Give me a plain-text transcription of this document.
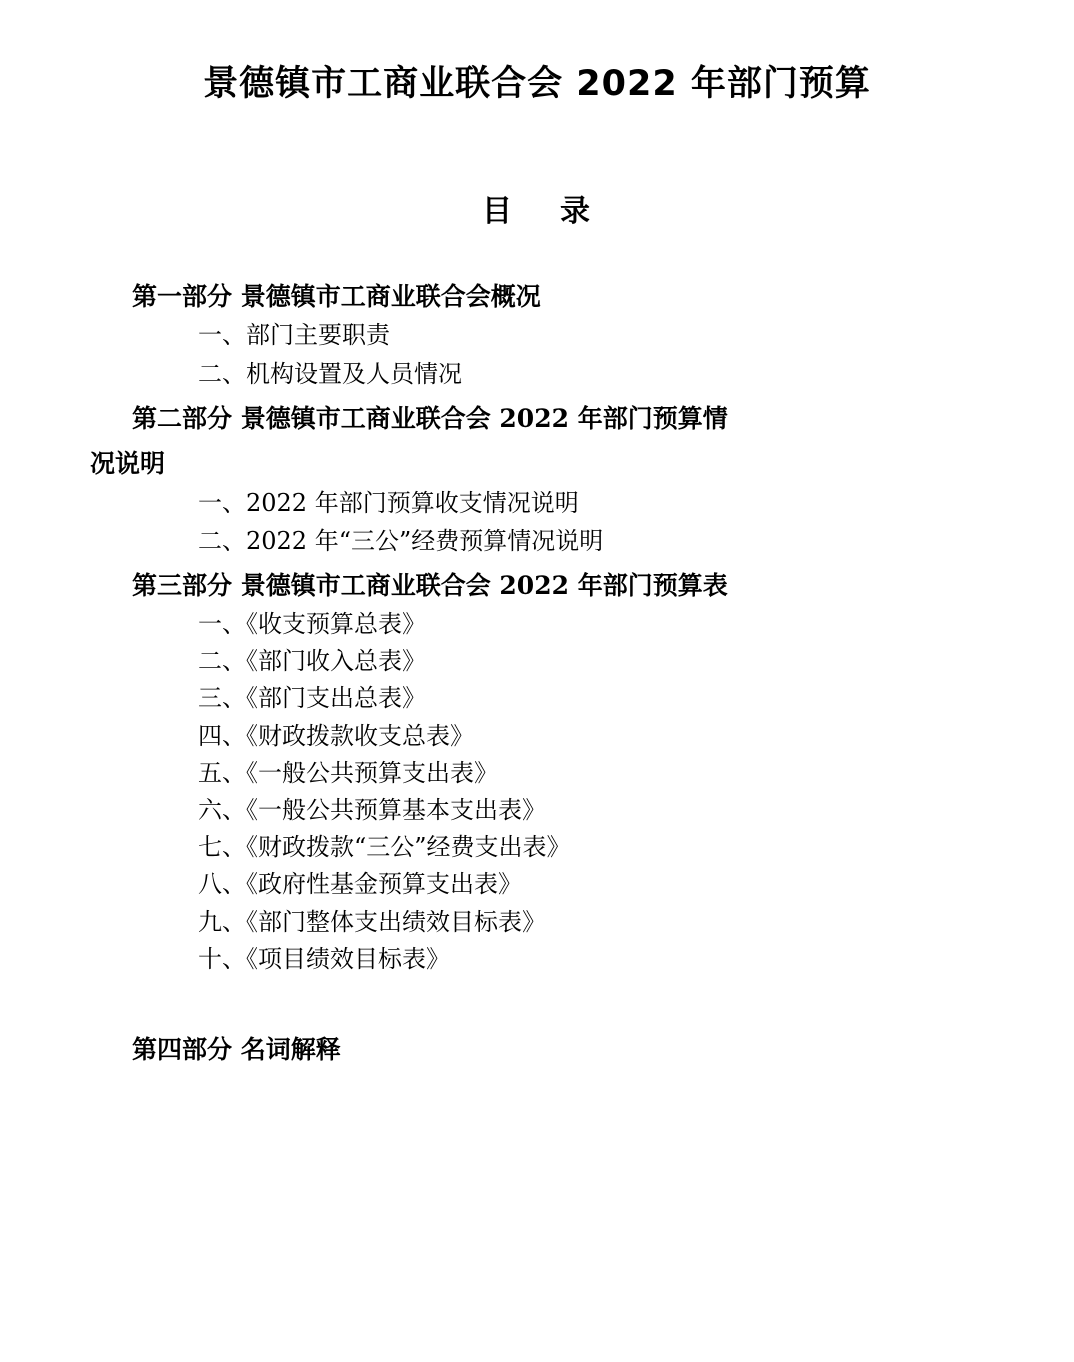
景德镇市工商业联合会 2022 年部门预算
目 录
第一部分 景德镇市工商业联合会概况
一、部门主要职责
二、机构设置及人员情况
第二部分 景德镇市工商业联合会 2022 年部门预算情
况说明
一、2022 年部门预算收支情况说明
二、2022 年“三公”经费预算情况说明
第三部分 景德镇市工商业联合会 2022 年部门预算表
一、《收支预算总表》
二、《部门收入总表》
三、《部门支出总表》
四、《财政拨款收支总表》
五、《一般公共预算支出表》
六、《一般公共预算基本支出表》
七、《财政拨款“三公”经费支出表》
八、《政府性基金预算支出表》
九、《部门整体支出绩效目标表》
十、《项目绩效目标表》
第四部分 名词解释
